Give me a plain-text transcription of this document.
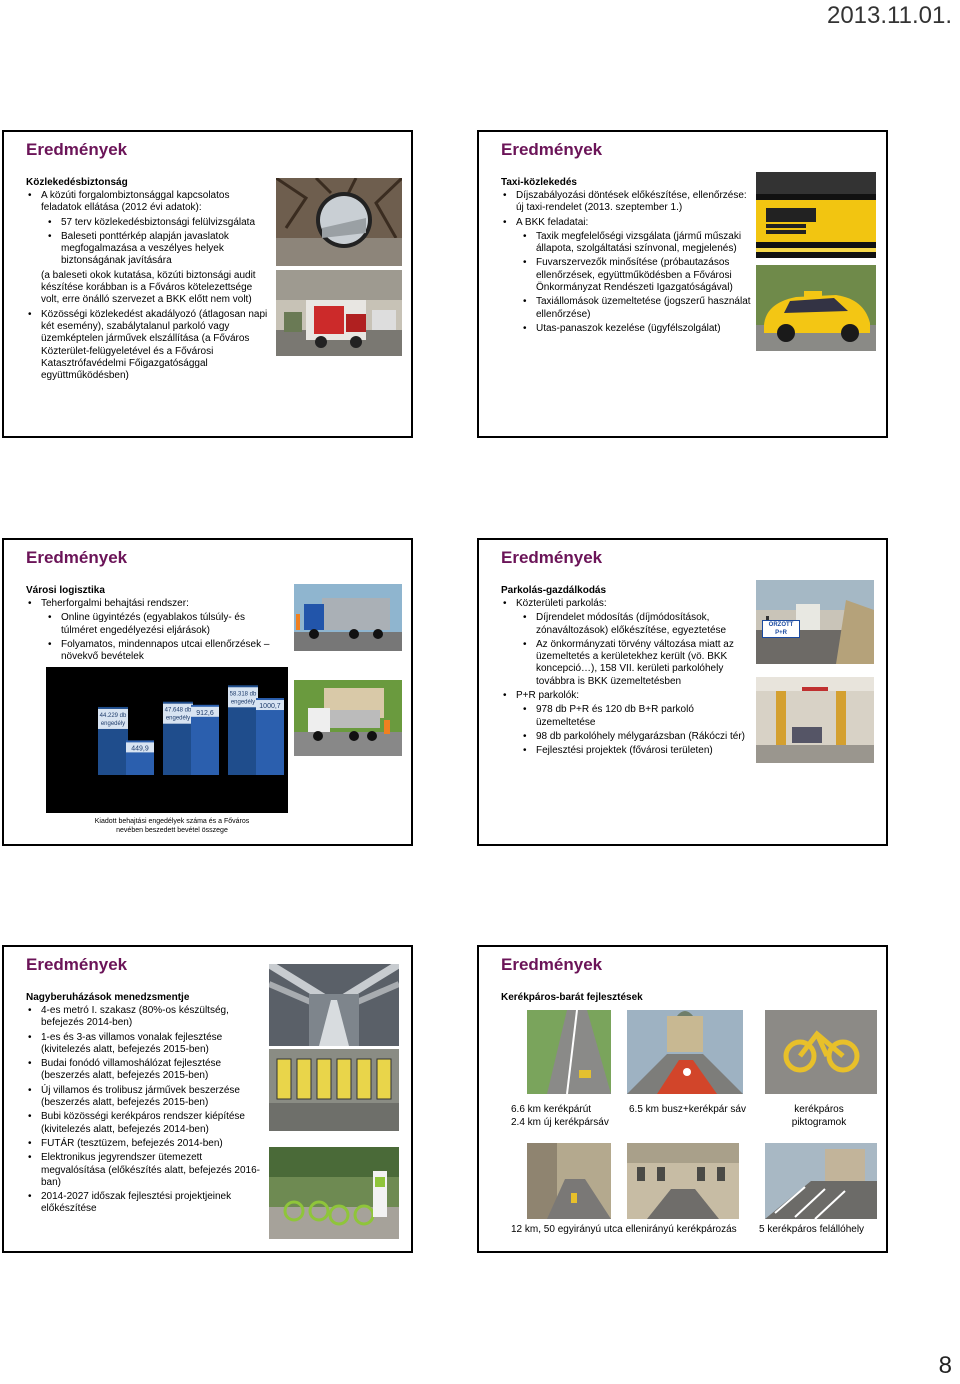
2013.11.01.
Eredmények
Közlekedésbiztonság
• A közúti forgalombiztonsággal kapcsolatos feladatok ellátása (2012 évi adatok):
• 57 terv közlekedésbiztonsági felülvizsgálata
• Baleseti ponttérkép alapján javaslatok megfogalmazása a veszélyes helyek biztonságának javítására
(a baleseti okok kutatása, közúti biztonsági audit készítése korábban is a Főváros kötelezettsége volt, erre önálló szervezet a BKK előtt nem volt)
• Közösségi közlekedést akadályozó (átlagosan napi két esemény), szabálytalanul parkoló vagy üzemképtelen járművek elszállítása (a Főváros Közterület-felügyeletével és a Fővárosi Katasztrófavédelmi Főigazgatósággal együttműködésben)
Eredmények
Taxi-közlekedés
• Díjszabályozási döntések előkészítése, ellenőrzése: új taxi-rendelet (2013. szeptember 1.)
• A BKK feladatai:
• Taxik megfelelőségi vizsgálata (jármű műszaki állapota, szolgáltatási színvonal, megjelenés)
• Fuvarszervezők minősítése (próbautazásos ellenőrzések, együttműködésben a Fővárosi Önkormányzat Rendészeti Igazgatóságával)
• Taxiállomások üzemeltetése (jogszerű használat ellenőrzése)
• Utas-panaszok kezelése (ügyfélszolgálat)
Eredmények
Városi logisztika
• Teherforgalmi behajtási rendszer:
• Online ügyintézés (egyablakos túlsúly- és túlméret engedélyezési eljárások)
• Folyamatos, mindennapos utcai ellenőrzések – növekvő bevételek
44.229 db
engedély
47.648 db
engedély
58.318 db
engedély
449,9
912,6
1000,7
Kiadott behajtási engedélyek száma és a Főváros nevében beszedett bevétel összege
Eredmények
Parkolás-gazdálkodás
• Közterületi parkolás:
• Díjrendelet módosítás (díjmódosítások, zónaváltozások) előkészítése, egyeztetése
• Az önkormányzati törvény változása miatt az üzemeltetés a kerületekhez került (vö. BKK koncepció…), 158 VII. kerületi parkolóhely továbbra is BKK üzemeltetésben
• P+R parkolók:
• 978 db P+R és 120 db B+R parkoló üzemeltetése
• 98 db parkolóhely mélygarázsban (Rákóczi tér)
• Fejlesztési projektek (fővárosi területen)
ŐRZÖTT P+R
Eredmények
Nagyberuházások menedzsmentje
• 4-es metró I. szakasz (80%-os készültség, befejezés 2014-ben)
• 1-es és 3-as villamos vonalak fejlesztése (kivitelezés alatt, befejezés 2015-ben)
• Budai fonódó villamoshálózat fejlesztése (beszerzés alatt, befejezés 2015-ben)
• Új villamos és trolibusz járművek beszerzése (beszerzés alatt, befejezés 2015-ben)
• Bubi közösségi kerékpáros rendszer kiépítése (kivitelezés alatt, befejezés 2014-ben)
• FUTÁR (tesztüzem, befejezés 2014-ben)
• Elektronikus jegyrendszer ütemezett megvalósítása (előkészítés alatt, befejezés 2016-ban)
• 2014-2027 időszak fejlesztési projektjeinek előkészítése
Eredmények
Kerékpáros-barát fejlesztések
6.6 km kerékpárút
2.4 km új kerékpársáv
6.5 km busz+kerékpár sáv	kerékpáros
piktogramok
12 km, 50 egyirányú utca ellenirányú kerékpározás	5 kerékpáros felállóhely
8
